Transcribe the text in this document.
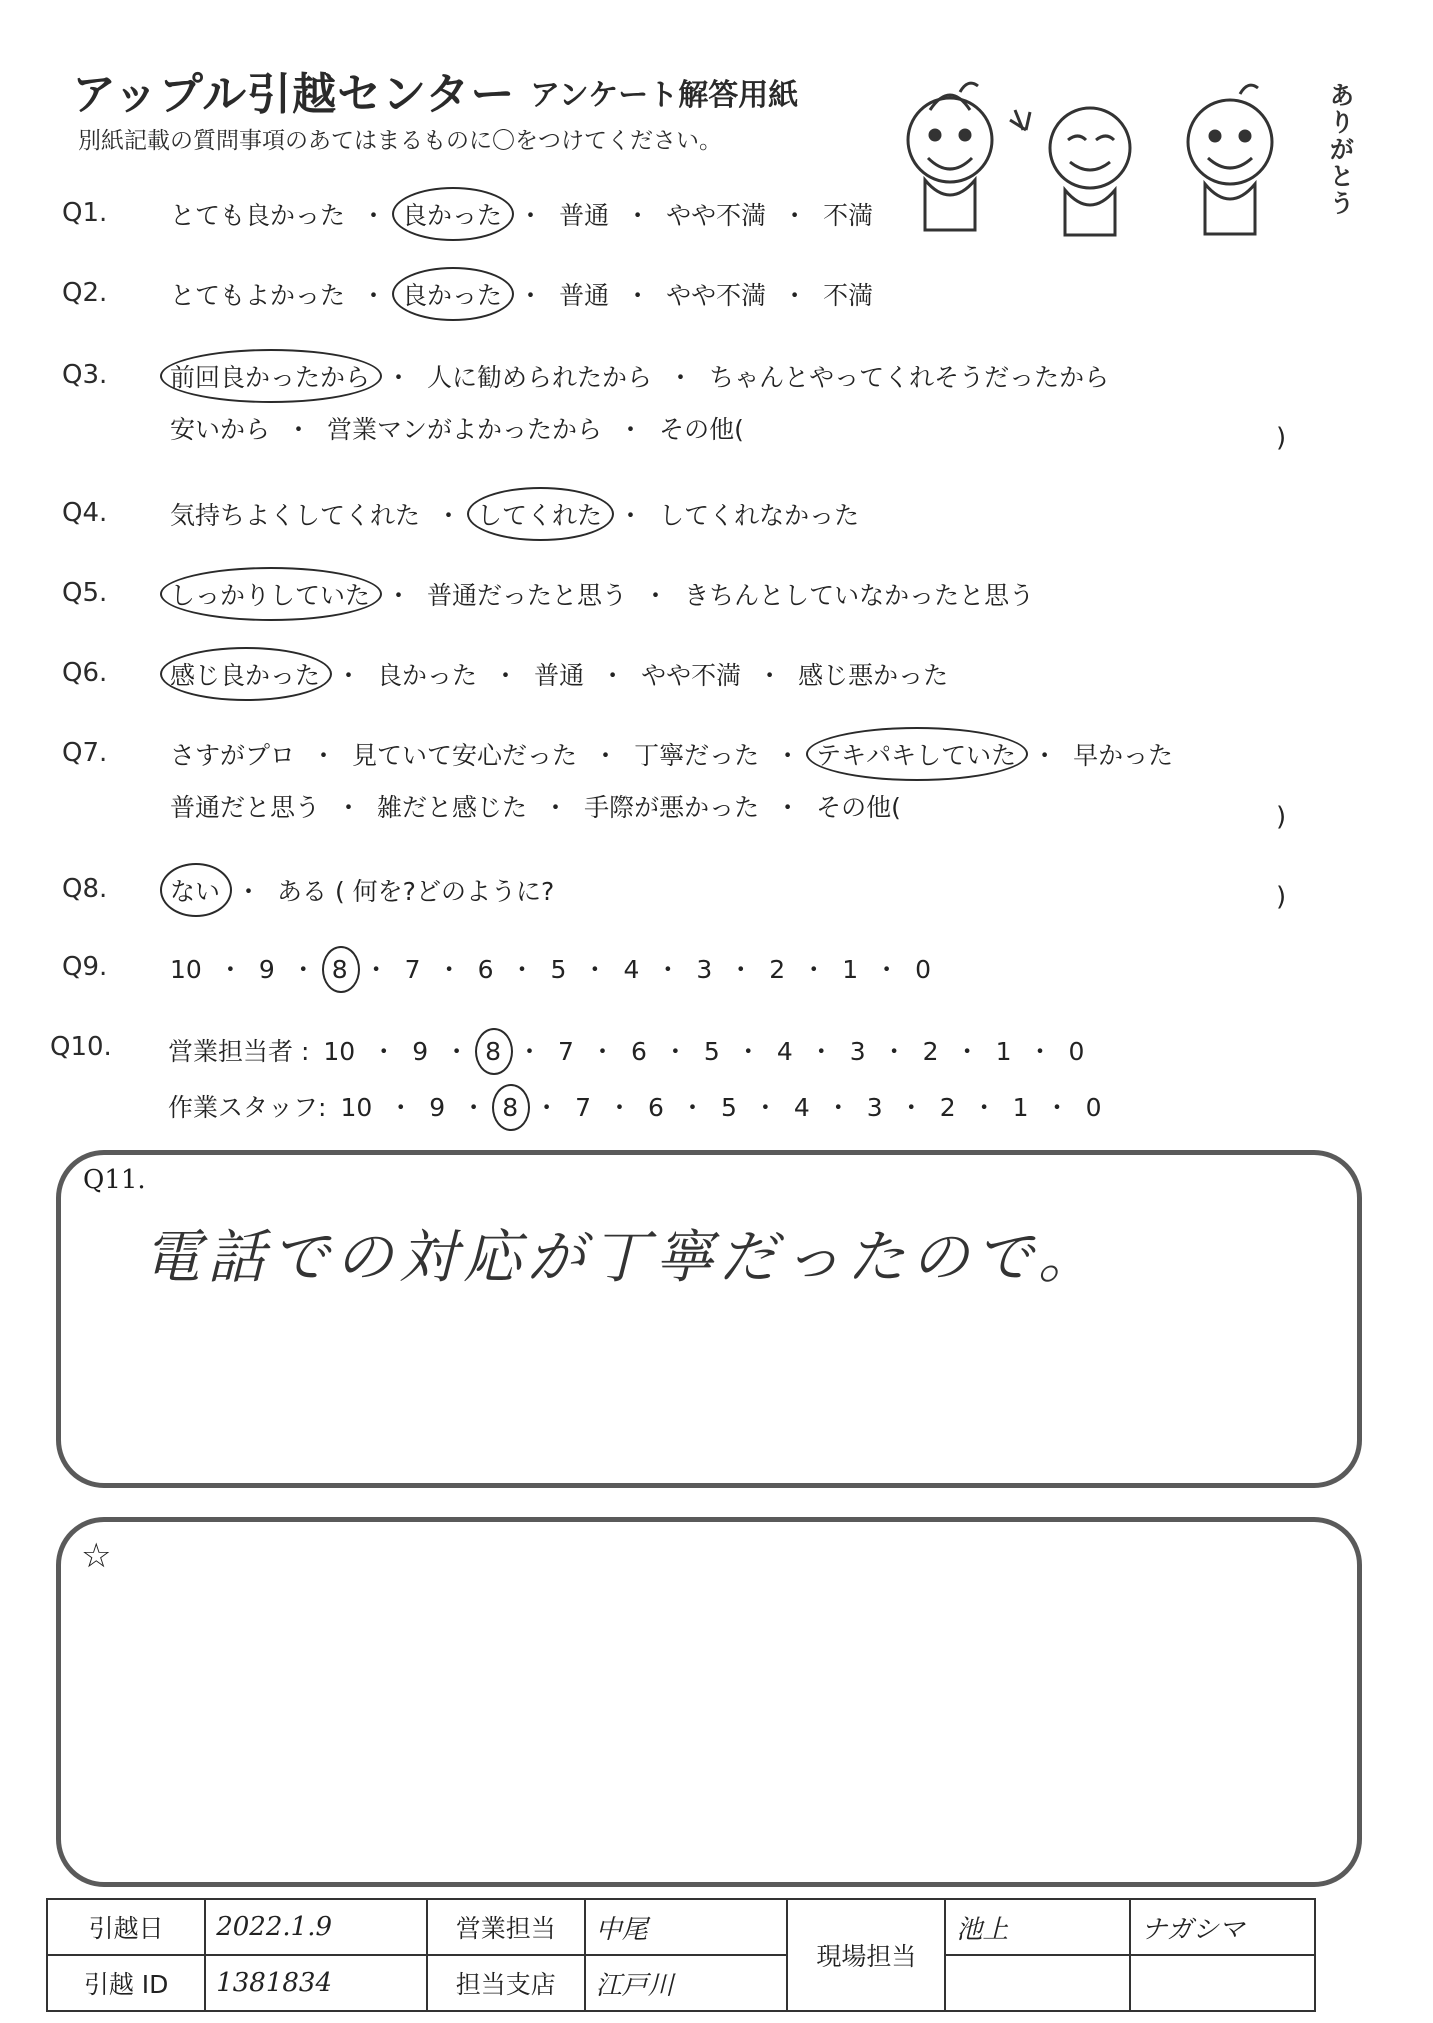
アップル引越センター アンケート解答用紙
別紙記載の質問事項のあてはまるものに〇をつけてください。	ありがとう
Q1.	とても良かった ・ 良かった ・ 普通 ・ やや不満 ・ 不満
Q2.	とてもよかった ・ 良かった ・ 普通 ・ やや不満 ・ 不満
Q3.	前回良かったから ・ 人に勧められたから ・ ちゃんとやってくれそうだったから
安いから ・ 営業マンがよかったから ・ その他(	)
Q4.	気持ちよくしてくれた ・ してくれた ・ してくれなかった
Q5.	しっかりしていた ・ 普通だったと思う ・ きちんとしていなかったと思う
Q6.	感じ良かった ・ 良かった ・ 普通 ・ やや不満 ・ 感じ悪かった
Q7.	さすがプロ ・ 見ていて安心だった ・ 丁寧だった ・ テキパキしていた ・ 早かった
普通だと思う ・ 雑だと感じた ・ 手際が悪かった ・ その他(	)
Q8.	ない ・ ある ( 何を?どのように?	)
Q9.	10 ・ 9 ・ 8 ・ 7 ・ 6 ・ 5 ・ 4 ・ 3 ・ 2 ・ 1 ・ 0
Q10. 営業担当者 : 10 ・ 9 ・ 8 ・ 7 ・ 6 ・ 5 ・ 4 ・ 3 ・ 2 ・ 1 ・ 0
作業スタッフ: 10 ・ 9 ・ 8 ・ 7 ・ 6 ・ 5 ・ 4 ・ 3 ・ 2 ・ 1 ・ 0
Q11.
電話での対応が丁寧だったので。
☆
引越日	2022.1.9	営業担当	中尾	現場担当	池上	ナガシマ
引越 ID	1381834	担当支店	江戸川			
